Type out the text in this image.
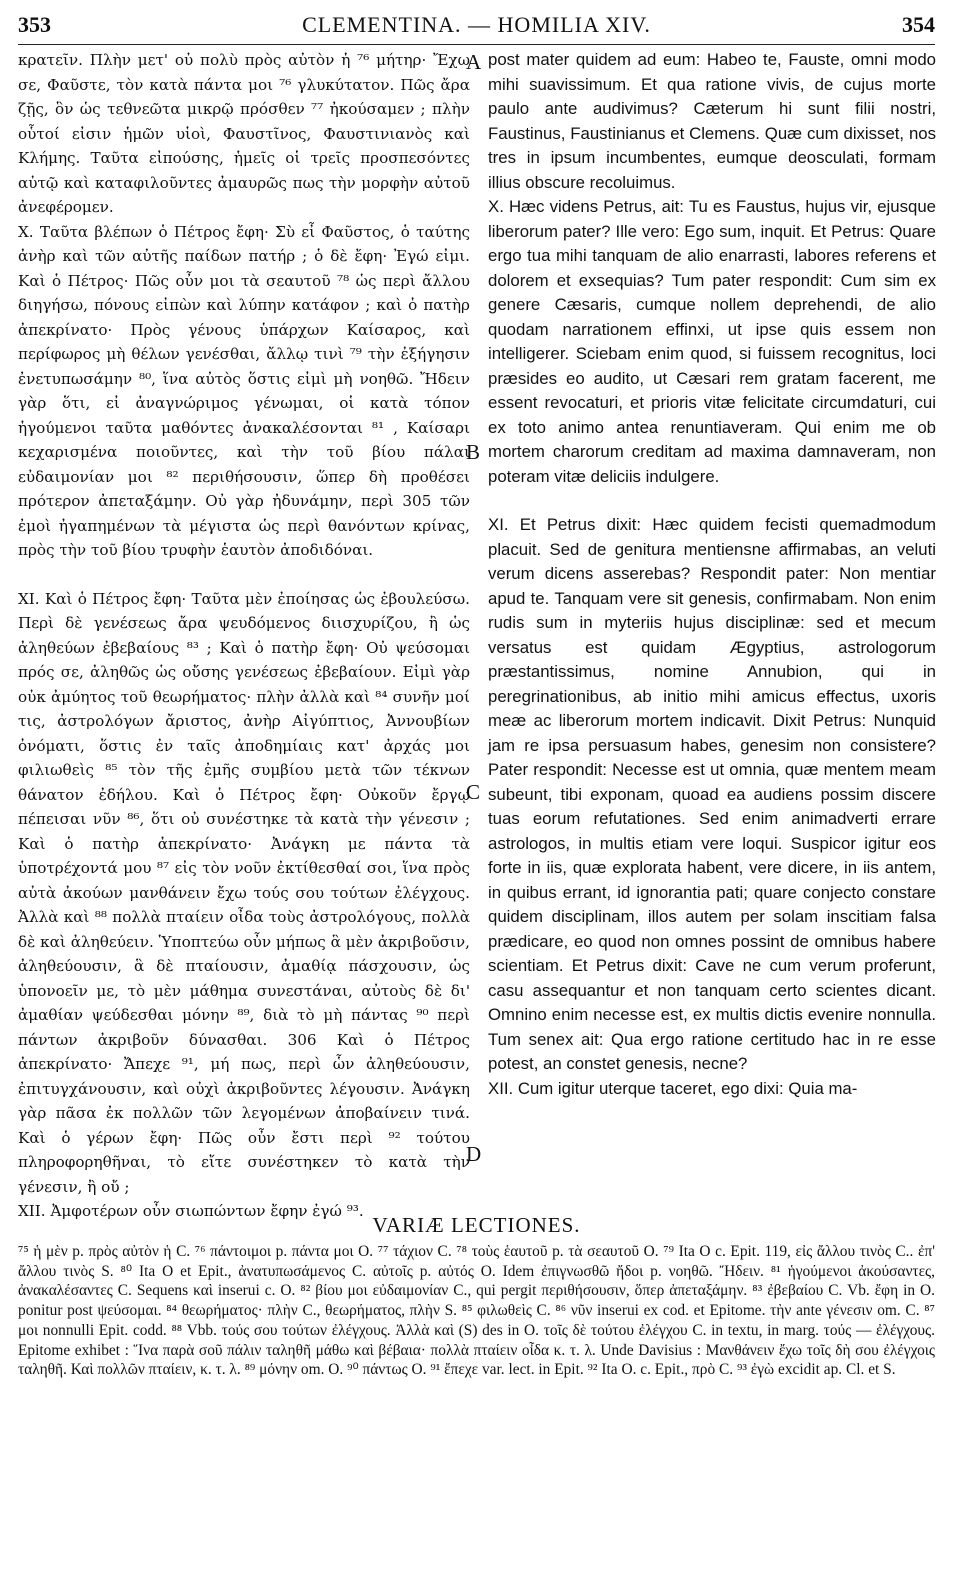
353	CLEMENTINA. — HOMILIA XIV.	354

κρατεῖν. Πλὴν μετ' οὐ πολὺ πρὸς αὐτὸν ἡ ⁷⁶ μήτηρ· Ἔχω σε, Φαῦστε, τὸν κατὰ πάντα μοι ⁷⁶ γλυκύτατον. Πῶς ἄρα ζῇς, ὃν ὡς τεθνεῶτα μικρῷ πρόσθεν ⁷⁷ ἠκούσαμεν ; πλὴν οὗτοί εἰσιν ἡμῶν υἱοὶ, Φαυστῖνος, Φαυστινιανὸς καὶ Κλήμης. Ταῦτα εἰπούσης, ἡμεῖς οἱ τρεῖς προσπεσόντες αὐτῷ καὶ καταφιλοῦντες ἀμαυρῶς πως τὴν μορφὴν αὐτοῦ ἀνεφέρομεν.

X. Ταῦτα βλέπων ὁ Πέτρος ἔφη· Σὺ εἶ Φαῦστος, ὁ ταύτης ἀνὴρ καὶ τῶν αὐτῆς παίδων πατήρ ; ὁ δὲ ἔφη· Ἐγώ εἰμι. Καὶ ὁ Πέτρος· Πῶς οὖν μοι τὰ σεαυτοῦ ⁷⁸ ὡς περὶ ἄλλου διηγήσω, πόνους εἰπὼν καὶ λύπην κατάφον ; καὶ ὁ πατὴρ ἀπεκρίνατο· Πρὸς γένους ὑπάρχων Καίσαρος, καὶ περίφωρος μὴ θέλων γενέσθαι, ἄλλῳ τινὶ ⁷⁹ τὴν ἐξήγησιν ἐνετυπωσάμην ⁸⁰, ἵνα αὐτὸς ὅστις εἰμὶ μὴ νοηθῶ. Ἤδειν γὰρ ὅτι, εἰ ἀναγνώριμος γένωμαι, οἱ κατὰ τόπον ἡγούμενοι ταῦτα μαθόντες ἀνακαλέσονται ⁸¹ , Καίσαρι κεχαρισμένα ποιοῦντες, καὶ τὴν τοῦ βίου πάλαι εὐδαιμονίαν μοι ⁸² περιθήσουσιν, ὥπερ δὴ προθέσει πρότερον ἀπεταξάμην. Οὐ γὰρ ἠδυνάμην, περὶ 305 τῶν ἐμοὶ ἠγαπημένων τὰ μέγιστα ὡς περὶ θανόντων κρίνας, πρὸς τὴν τοῦ βίου τρυφὴν ἑαυτὸν ἀποδιδόναι.

XI. Καὶ ὁ Πέτρος ἔφη· Ταῦτα μὲν ἐποίησας ὡς ἐβουλεύσω. Περὶ δὲ γενέσεως ἄρα ψευδόμενος διισχυρίζου, ἢ ὡς ἀληθεύων ἐβεβαίους ⁸³ ; Καὶ ὁ πατὴρ ἔφη· Οὐ ψεύσομαι πρός σε, ἀληθῶς ὡς οὔσης γενέσεως ἐβεβαίουν. Εἰμὶ γὰρ οὐκ ἀμύητος τοῦ θεωρήματος· πλὴν ἀλλὰ καὶ ⁸⁴ συνῆν μοί τις, ἀστρολόγων ἄριστος, ἀνὴρ Αἰγύπτιος, Ἀννουβίων ὀνόματι, ὅστις ἐν ταῖς ἀποδημίαις κατ' ἀρχάς μοι φιλιωθεὶς ⁸⁵ τὸν τῆς ἐμῆς συμβίου μετὰ τῶν τέκνων θάνατον ἐδήλου. Καὶ ὁ Πέτρος ἔφη· Οὐκοῦν ἔργῳ πέπεισαι νῦν ⁸⁶, ὅτι οὐ συνέστηκε τὰ κατὰ τὴν γένεσιν ; Καὶ ὁ πατὴρ ἀπεκρίνατο· Ἀνάγκη με πάντα τὰ ὑποτρέχοντά μου ⁸⁷ εἰς τὸν νοῦν ἐκτίθεσθαί σοι, ἵνα πρὸς αὐτὰ ἀκούων μανθάνειν ἔχω τούς σου τούτων ἐλέγχους. Ἀλλὰ καὶ ⁸⁸ πολλὰ πταίειν οἶδα τοὺς ἀστρολόγους, πολλὰ δὲ καὶ ἀληθεύειν. Ὑποπτεύω οὖν μήπως ἃ μὲν ἀκριβοῦσιν, ἀληθεύουσιν, ἃ δὲ πταίουσιν, ἀμαθίᾳ πάσχουσιν, ὡς ὑπονοεῖν με, τὸ μὲν μάθημα συνεστάναι, αὐτοὺς δὲ δι' ἀμαθίαν ψεύδεσθαι μόνην ⁸⁹, διὰ τὸ μὴ πάντας ⁹⁰ περὶ πάντων ἀκριβοῦν δύνασθαι. 306 Καὶ ὁ Πέτρος ἀπεκρίνατο· Ἄπεχε ⁹¹, μή πως, περὶ ὧν ἀληθεύουσιν, ἐπιτυγχάνουσιν, καὶ οὐχὶ ἀκριβοῦντες λέγουσιν. Ἀνάγκη γὰρ πᾶσα ἐκ πολλῶν τῶν λεγομένων ἀποβαίνειν τινά. Καὶ ὁ γέρων ἔφη· Πῶς οὖν ἔστι περὶ ⁹² τούτου πληροφορηθῆναι, τὸ εἴτε συνέστηκεν τὸ κατὰ τὴν γένεσιν, ἢ οὔ ;

XII. Ἀμφοτέρων οὖν σιωπώντων ἔφην ἐγώ ⁹³.

post mater quidem ad eum: Habeo te, Fauste, omni modo mihi suavissimum. Et qua ratione vivis, de cujus morte paulo ante audivimus? Cæterum hi sunt filii nostri, Faustinus, Faustinianus et Clemens. Quæ cum dixisset, nos tres in ipsum incumbentes, eumque deosculati, formam illius obscure recoluimus.

X. Hæc videns Petrus, ait: Tu es Faustus, hujus vir, ejusque liberorum pater? Ille vero: Ego sum, inquit. Et Petrus: Quare ergo tua mihi tanquam de alio enarrasti, labores referens et dolorem et exsequias? Tum pater respondit: Cum sim ex genere Cæsaris, cumque nollem deprehendi, de alio quodam narrationem effinxi, ut ipse quis essem non intelligerer. Sciebam enim quod, si fuissem recognitus, loci præsides eo audito, ut Cæsari rem gratam facerent, me essent revocaturi, et prioris vitæ felicitate circumdaturi, cui ex toto animo antea renuntiaveram. Qui enim me ob mortem charorum creditam ad maxima damnaveram, non poteram vitæ deliciis indulgere.

XI. Et Petrus dixit: Hæc quidem fecisti quemadmodum placuit. Sed de genitura mentiensne affirmabas, an veluti verum dicens asserebas? Respondit pater: Non mentiar apud te. Tanquam vere sit genesis, confirmabam. Non enim rudis sum in myteriis hujus disciplinæ: sed et mecum versatus est quidam Ægyptius, astrologorum præstantissimus, nomine Annubion, qui in peregrinationibus, ab initio mihi amicus effectus, uxoris meæ ac liberorum mortem indicavit. Dixit Petrus: Nunquid jam re ipsa persuasum habes, genesim non consistere? Pater respondit: Necesse est ut omnia, quæ mentem meam subeunt, tibi exponam, quoad ea audiens possim discere tuas eorum refutationes. Sed enim animadverti errare astrologos, in multis etiam vere loqui. Suspicor igitur eos forte in iis, quæ explorata habent, vere dicere, in iis antem, in quibus errant, id ignorantia pati; quare conjecto constare quidem disciplinam, illos autem per solam inscitiam falsa prædicare, eo quod non omnes possint de omnibus habere scientiam. Et Petrus dixit: Cave ne cum verum proferunt, casu assequantur et non tanquam certo scientes dicant. Omnino enim necesse est, ex multis dictis evenire nonnulla. Tum senex ait: Qua ergo ratione certitudo hac in re esse potest, an constet genesis, necne?

XII. Cum igitur uterque taceret, ego dixi: Quia ma-

A
B
C
D
VARIÆ LECTIONES.
⁷⁵ ἡ μὲν p. πρὸς αὐτὸν ἡ C. ⁷⁶ πάντοιμοι p. πάντα μοι O. ⁷⁷ τάχιον C. ⁷⁸ τοὺς ἑαυτοῦ p. τὰ σεαυτοῦ O. ⁷⁹ Ita O c. Epit. 119, εἰς ἄλλου τινὸς C.. ἐπ' ἄλλου τινὸς S. ⁸⁰ Ita O et Epit., ἀνατυπωσάμενος C. αὐτοῖς p. αὐτός O. Idem ἐπιγνωσθῶ ἤδοι p. νοηθῶ. Ἤδειν. ⁸¹ ἡγούμενοι ἀκούσαντες, ἀνακαλέσαντες C. Sequens καὶ inserui c. O. ⁸² βίου μοι εὐδαιμονίαν C., qui pergit περιθήσουσιν, ὅπερ ἀπεταξάμην. ⁸³ ἐβεβαίου C. Vb. ἔφη in O. ponitur post ψεύσομαι. ⁸⁴ θεωρήματος· πλὴν C., θεωρήματος, πλὴν S. ⁸⁵ φιλωθεὶς C. ⁸⁶ νῦν inserui ex cod. et Epitome. τὴν ante γένεσιν om. C. ⁸⁷ μοι nonnulli Epit. codd. ⁸⁸ Vbb. τούς σου τούτων ἐλέγχους. Ἀλλὰ καὶ (S) des in O. τοῖς δὲ τούτου ἐλέγχου C. in textu, in marg. τούς — ἐλέγχους. Epitome exhibet : Ἵνα παρὰ σοῦ πάλιν ταληθῆ μάθω καὶ βέβαια· πολλὰ πταίειν οἶδα κ. τ. λ. Unde Davisius : Μανθάνειν ἔχω τοῖς δὴ σου ἐλέγχοις ταληθῆ. Καὶ πολλῶν πταίειν, κ. τ. λ. ⁸⁹ μόνην om. O. ⁹⁰ πάντως O. ⁹¹ ἔπεχε var. lect. in Epit. ⁹² Ita O. c. Epit., πρὸ C. ⁹³ ἐγὼ excidit ap. Cl. et S.
